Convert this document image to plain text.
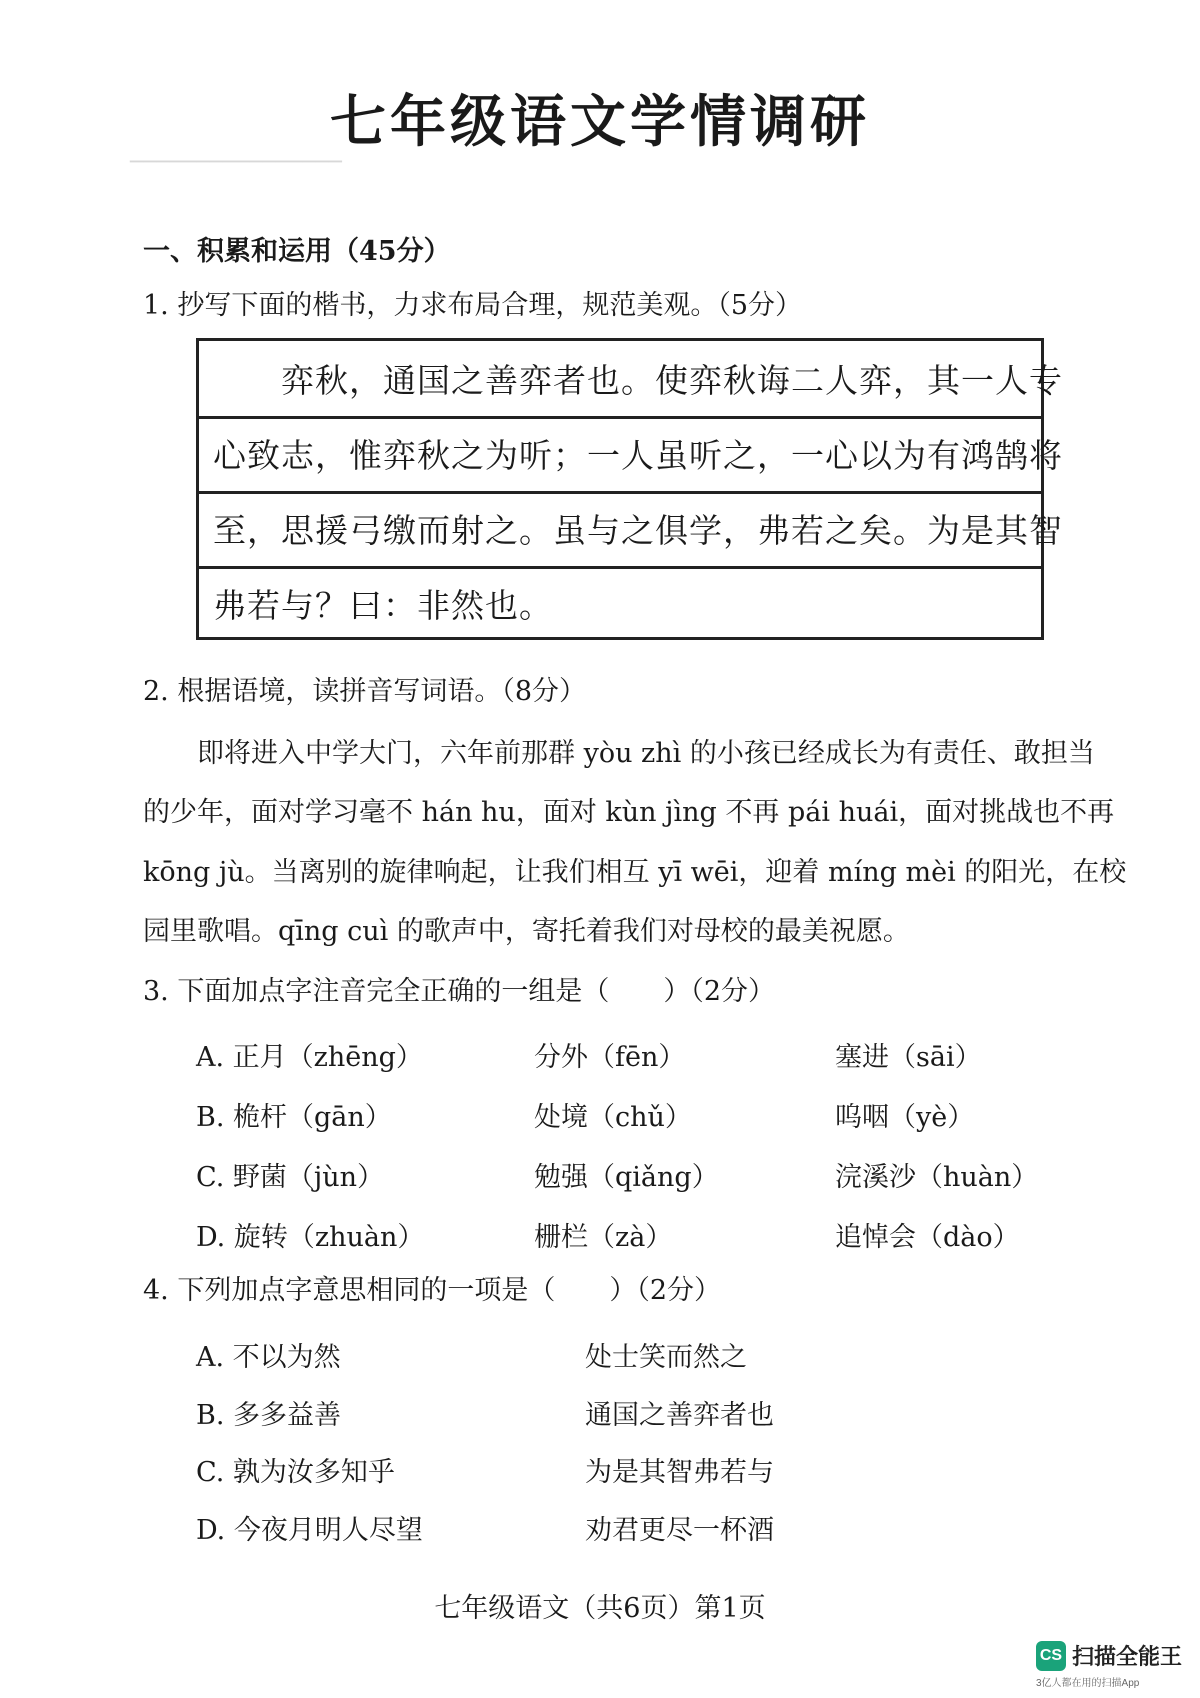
────────────────
七年级语文学情调研
一、积累和运用（45分）
1. 抄写下面的楷书，力求布局合理，规范美观。（5分）
　　弈秋，通国之善弈者也。使弈秋诲二人弈，其一人专
心致志，惟弈秋之为听；一人虽听之，一心以为有鸿鹄将
至，思援弓缴而射之。虽与之俱学，弗若之矣。为是其智
弗若与？曰：非然也。
2. 根据语境，读拼音写词语。（8分）
　　即将进入中学大门，六年前那群 yòu zhì 的小孩已经成长为有责任、敢担当
的少年，面对学习毫不 hán hu，面对 kùn jìng 不再 pái huái，面对挑战也不再
kōng jù。当离别的旋律响起，让我们相互 yī wēi，迎着 míng mèi 的阳光，在校
园里歌唱。qīng cuì 的歌声中，寄托着我们对母校的最美祝愿。
3. 下面加点字注音完全正确的一组是（　　）（2分）
A. 正月（zhēng）	分外（fēn）	塞进（sāi）
B. 桅杆（gān）	处境（chǔ）	呜咽（yè）
C. 野菌（jùn）	勉强（qiǎng）	浣溪沙（huàn）
D. 旋转（zhuàn）	栅栏（zà）	追悼会（dào）
4. 下列加点字意思相同的一项是（　　）（2分）
A. 不以为然	处士笑而然之
B. 多多益善	通国之善弈者也
C. 孰为汝多知乎	为是其智弗若与
D. 今夜月明人尽望	劝君更尽一杯酒
七年级语文（共6页）第1页
CS 扫描全能王
3亿人都在用的扫描App
